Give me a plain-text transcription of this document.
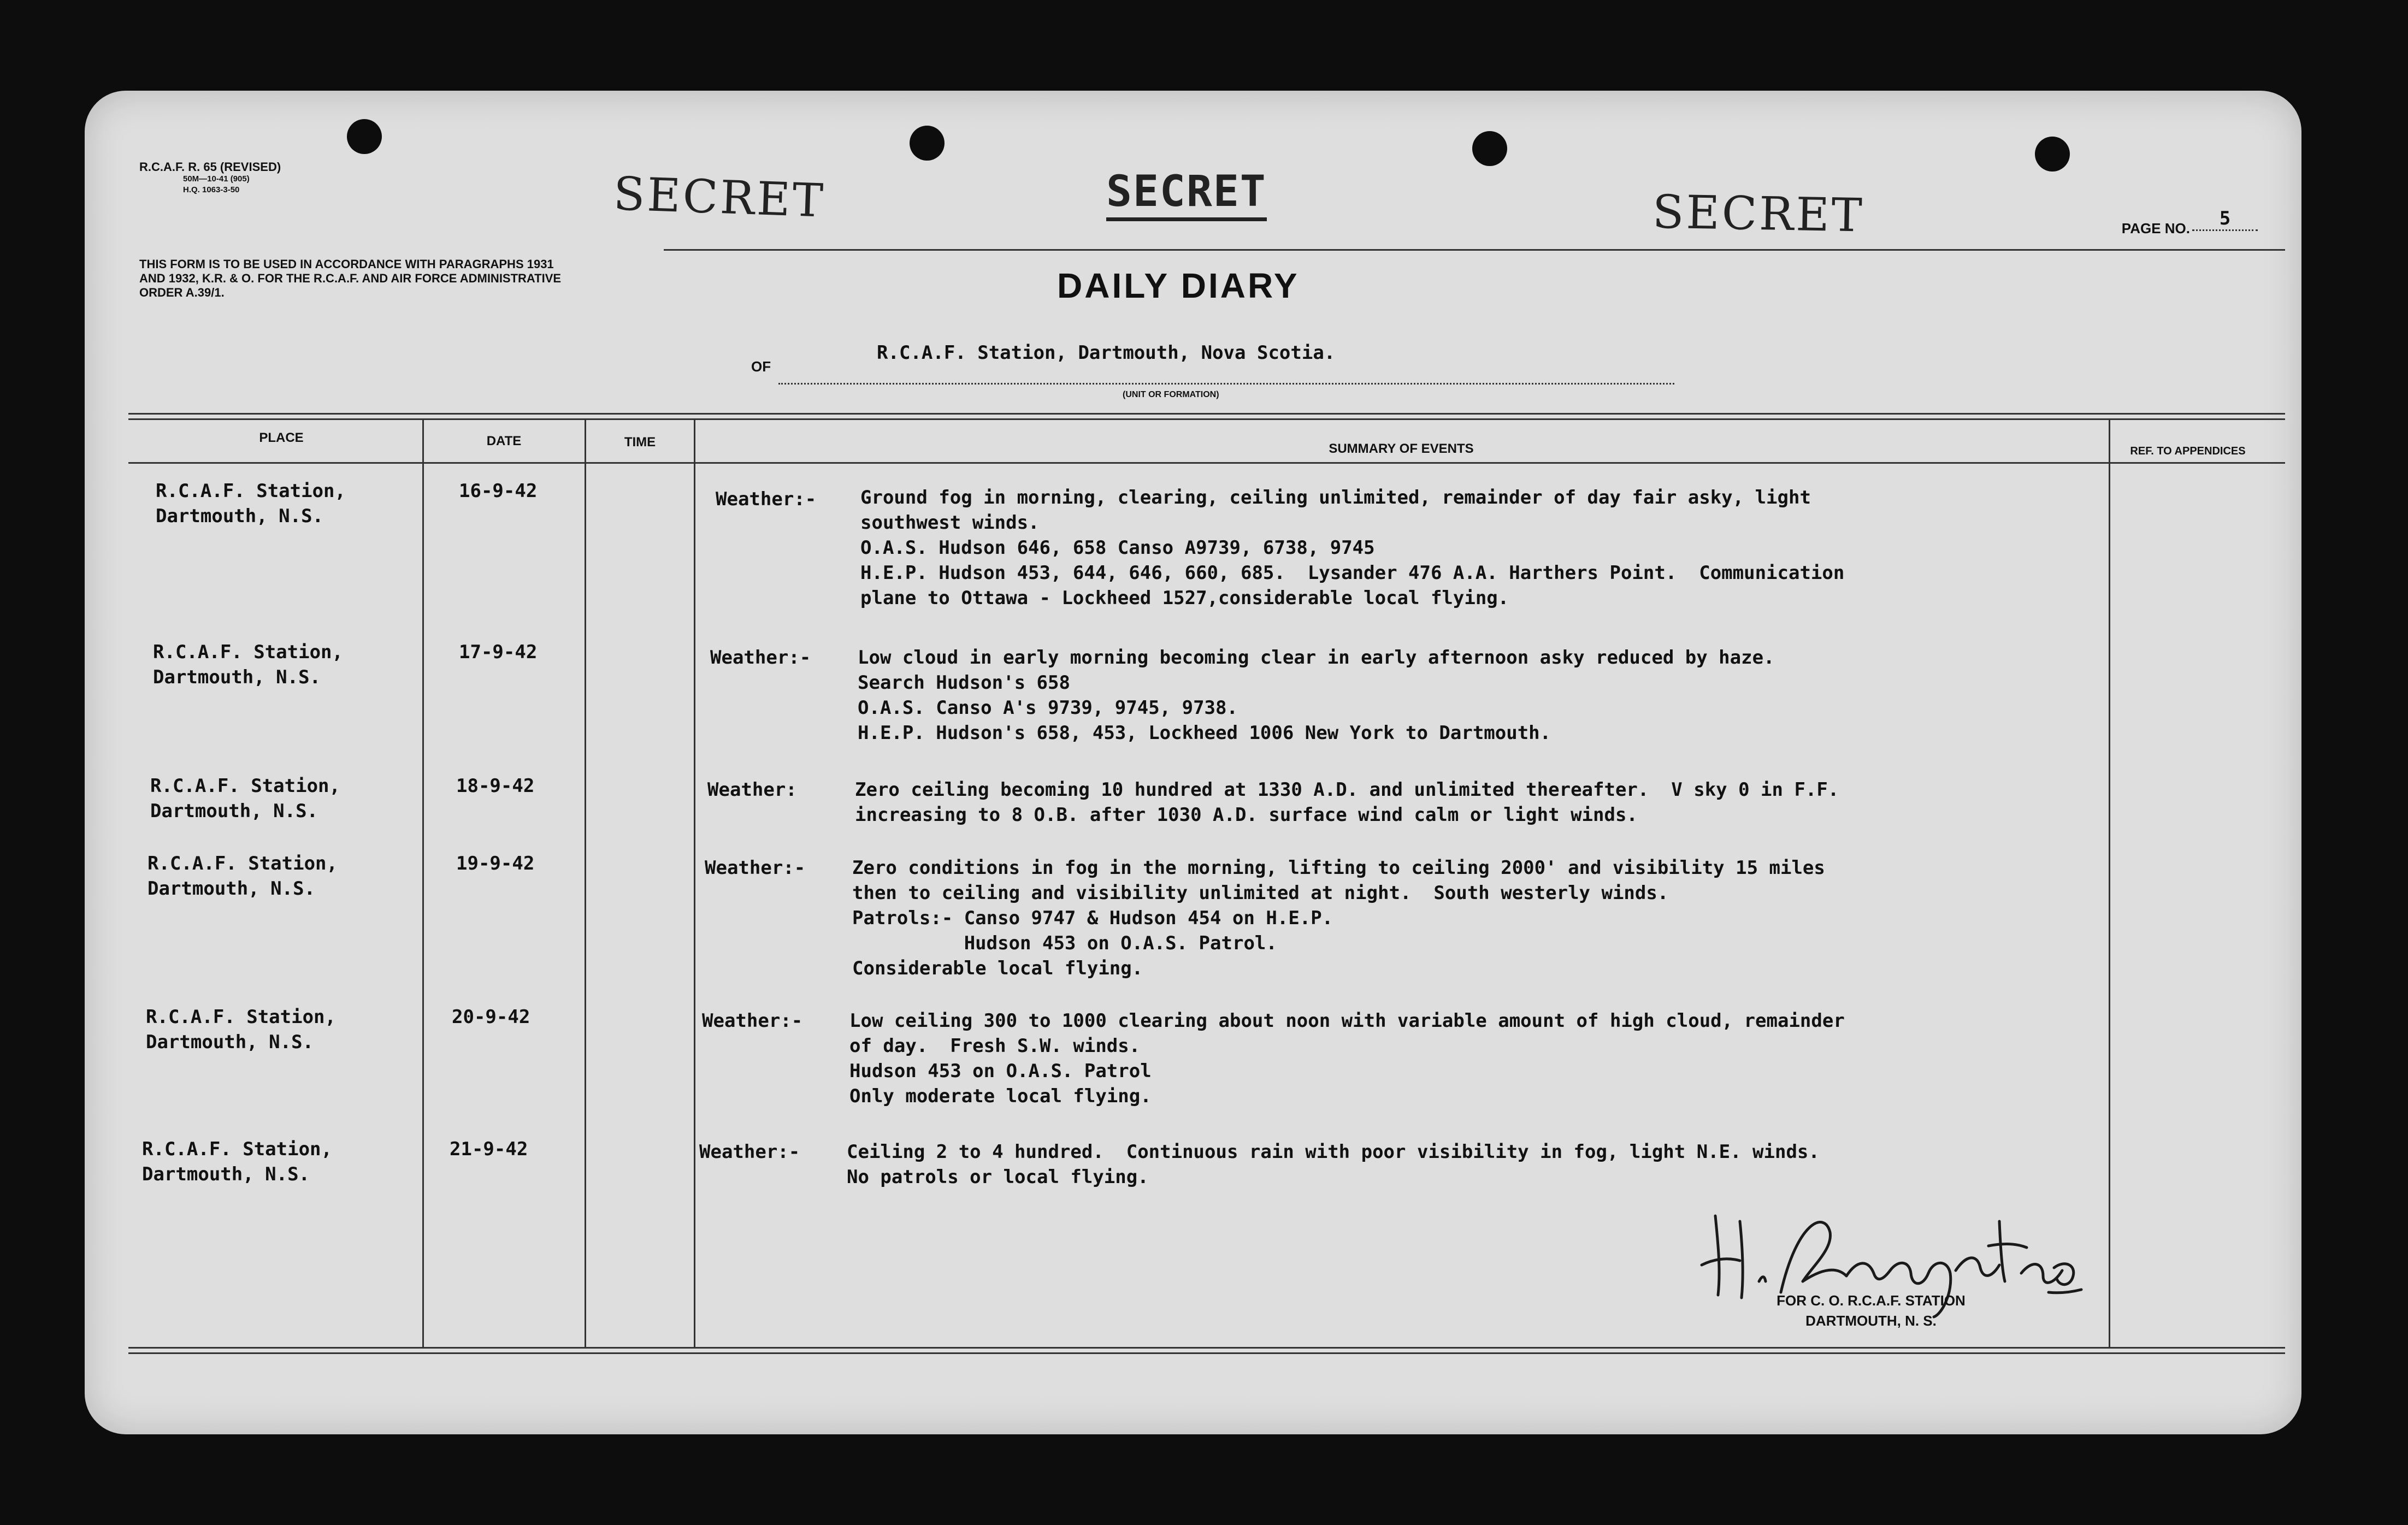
R.C.A.F. R. 65 (REVISED)
50M—10-41 (905)
H.Q. 1063-3-50	SECRET	SECRET	SECRET	PAGE NO. 5
THIS FORM IS TO BE USED IN ACCORDANCE WITH PARAGRAPHS 1931 AND 1932, K.R. & O. FOR THE R.C.A.F. AND AIR FORCE ADMINISTRATIVE ORDER A.39/1.	DAILY DIARY
OF
R.C.A.F. Station, Dartmouth, Nova Scotia.
(UNIT OR FORMATION)
PLACE	DATE	TIME	SUMMARY OF EVENTS	REF. TO APPENDICES
R.C.A.F. Station,
Dartmouth, N.S.
16-9-42	Weather:- Ground fog in morning, clearing, ceiling unlimited, remainder of day fair asky, light
southwest winds.
O.A.S. Hudson 646, 658 Canso A9739, 6738, 9745
H.E.P. Hudson 453, 644, 646, 660, 685.  Lysander 476 A.A. Harthers Point.  Communication
plane to Ottawa - Lockheed 1527,considerable local flying.
R.C.A.F. Station,
Dartmouth, N.S.
17-9-42	Weather:-	Low cloud in early morning becoming clear in early afternoon asky reduced by haze.
Search Hudson's 658
O.A.S. Canso A's 9739, 9745, 9738.
H.E.P. Hudson's 658, 453, Lockheed 1006 New York to Dartmouth.
R.C.A.F. Station,
Dartmouth, N.S.
18-9-42	Weather:	Zero ceiling becoming 10 hundred at 1330 A.D. and unlimited thereafter.  V sky 0 in F.F.
increasing to 8 O.B. after 1030 A.D. surface wind calm or light winds.
R.C.A.F. Station,
Dartmouth, N.S.
19-9-42	Weather:-	Zero conditions in fog in the morning, lifting to ceiling 2000' and visibility 15 miles
then to ceiling and visibility unlimited at night.  South westerly winds.
Patrols:- Canso 9747 & Hudson 454 on H.E.P.
Hudson 453 on O.A.S. Patrol.
Considerable local flying.
R.C.A.F. Station,
Dartmouth, N.S.
20-9-42	Weather:-	Low ceiling 300 to 1000 clearing about noon with variable amount of high cloud, remainder
of day.  Fresh S.W. winds.
Hudson 453 on O.A.S. Patrol
Only moderate local flying.
R.C.A.F. Station,
Dartmouth, N.S.
21-9-42	Weather:-	Ceiling 2 to 4 hundred.  Continuous rain with poor visibility in fog, light N.E. winds.
No patrols or local flying.
FOR C. O. R.C.A.F. STATION
DARTMOUTH, N. S.
